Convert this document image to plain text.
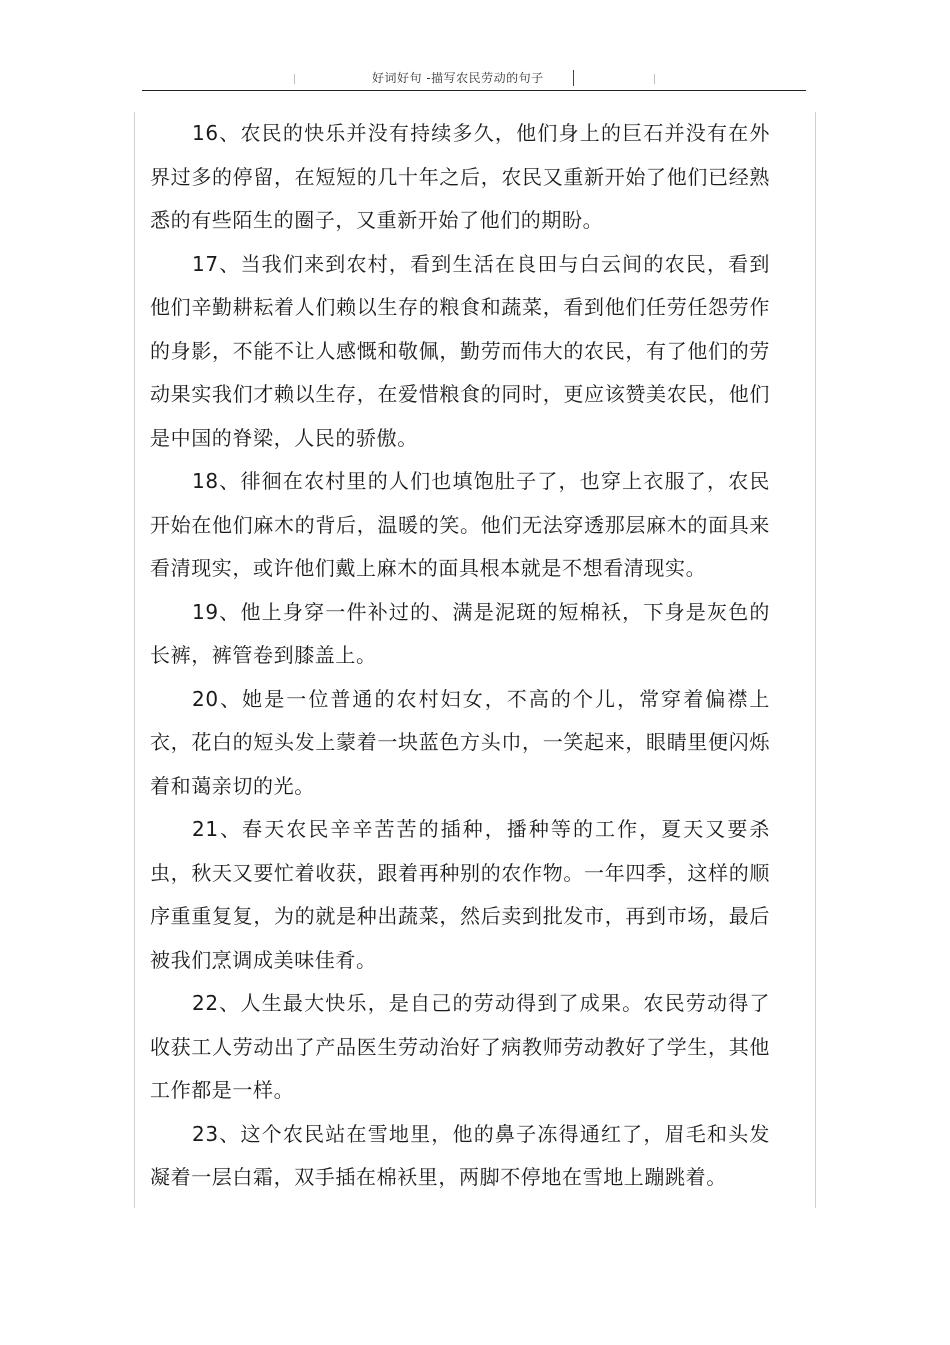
好词好句 -描写农民劳动的句子

16、农民的快乐并没有持续多久，他们身上的巨石并没有在外界过多的停留，在短短的几十年之后，农民又重新开始了他们已经熟悉的有些陌生的圈子，又重新开始了他们的期盼。

17、当我们来到农村，看到生活在良田与白云间的农民，看到他们辛勤耕耘着人们赖以生存的粮食和蔬菜，看到他们任劳任怨劳作的身影，不能不让人感慨和敬佩，勤劳而伟大的农民，有了他们的劳动果实我们才赖以生存，在爱惜粮食的同时，更应该赞美农民，他们是中国的脊梁，人民的骄傲。

18、徘徊在农村里的人们也填饱肚子了，也穿上衣服了，农民开始在他们麻木的背后，温暖的笑。他们无法穿透那层麻木的面具来看清现实，或许他们戴上麻木的面具根本就是不想看清现实。

19、他上身穿一件补过的、满是泥斑的短棉袄，下身是灰色的长裤，裤管卷到膝盖上。

20、她是一位普通的农村妇女，不高的个儿，常穿着偏襟上衣，花白的短头发上蒙着一块蓝色方头巾，一笑起来，眼睛里便闪烁着和蔼亲切的光。

21、春天农民辛辛苦苦的插种，播种等的工作，夏天又要杀虫，秋天又要忙着收获，跟着再种别的农作物。一年四季，这样的顺序重重复复，为的就是种出蔬菜，然后卖到批发市，再到市场，最后被我们烹调成美味佳肴。

22、人生最大快乐，是自己的劳动得到了成果。农民劳动得了收获工人劳动出了产品医生劳动治好了病教师劳动教好了学生，其他工作都是一样。

23、这个农民站在雪地里，他的鼻子冻得通红了，眉毛和头发凝着一层白霜，双手插在棉袄里，两脚不停地在雪地上蹦跳着。
